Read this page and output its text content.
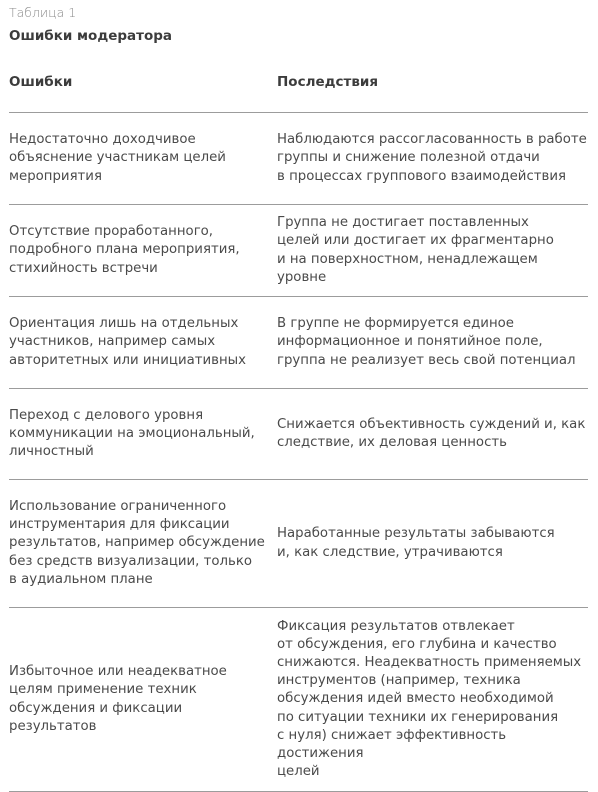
Таблица 1
Ошибки модератора
Ошибки	Последствия
Недостаточно доходчивое
объяснение участникам целей
мероприятия
Наблюдаются рассогласованность в работе
группы и снижение полезной отдачи
в процессах группового взаимодействия
Отсутствие проработанного,
подробного плана мероприятия,
стихийность встречи
Группа не достигает поставленных
целей или достигает их фрагментарно
и на поверхностном, ненадлежащем уровне
Ориентация лишь на отдельных
участников, например самых
авторитетных или инициативных
В группе не формируется единое
информационное и понятийное поле,
группа не реализует весь свой потенциал
Переход с делового уровня
коммуникации на эмоциональный,
личностный
Снижается объективность суждений и, как
следствие, их деловая ценность
Использование ограниченного
инструментария для фиксации
результатов, например обсуждение
без средств визуализации, только
в аудиальном плане
Наработанные результаты забываются
и, как следствие, утрачиваются
Избыточное или неадекватное
целям применение техник
обсуждения и фиксации
результатов
Фиксация результатов отвлекает
от обсуждения, его глубина и качество
снижаются. Неадекватность применяемых
инструментов (например, техника
обсуждения идей вместо необходимой
по ситуации техники их генерирования
с нуля) снижает эффективность достижения
целей
